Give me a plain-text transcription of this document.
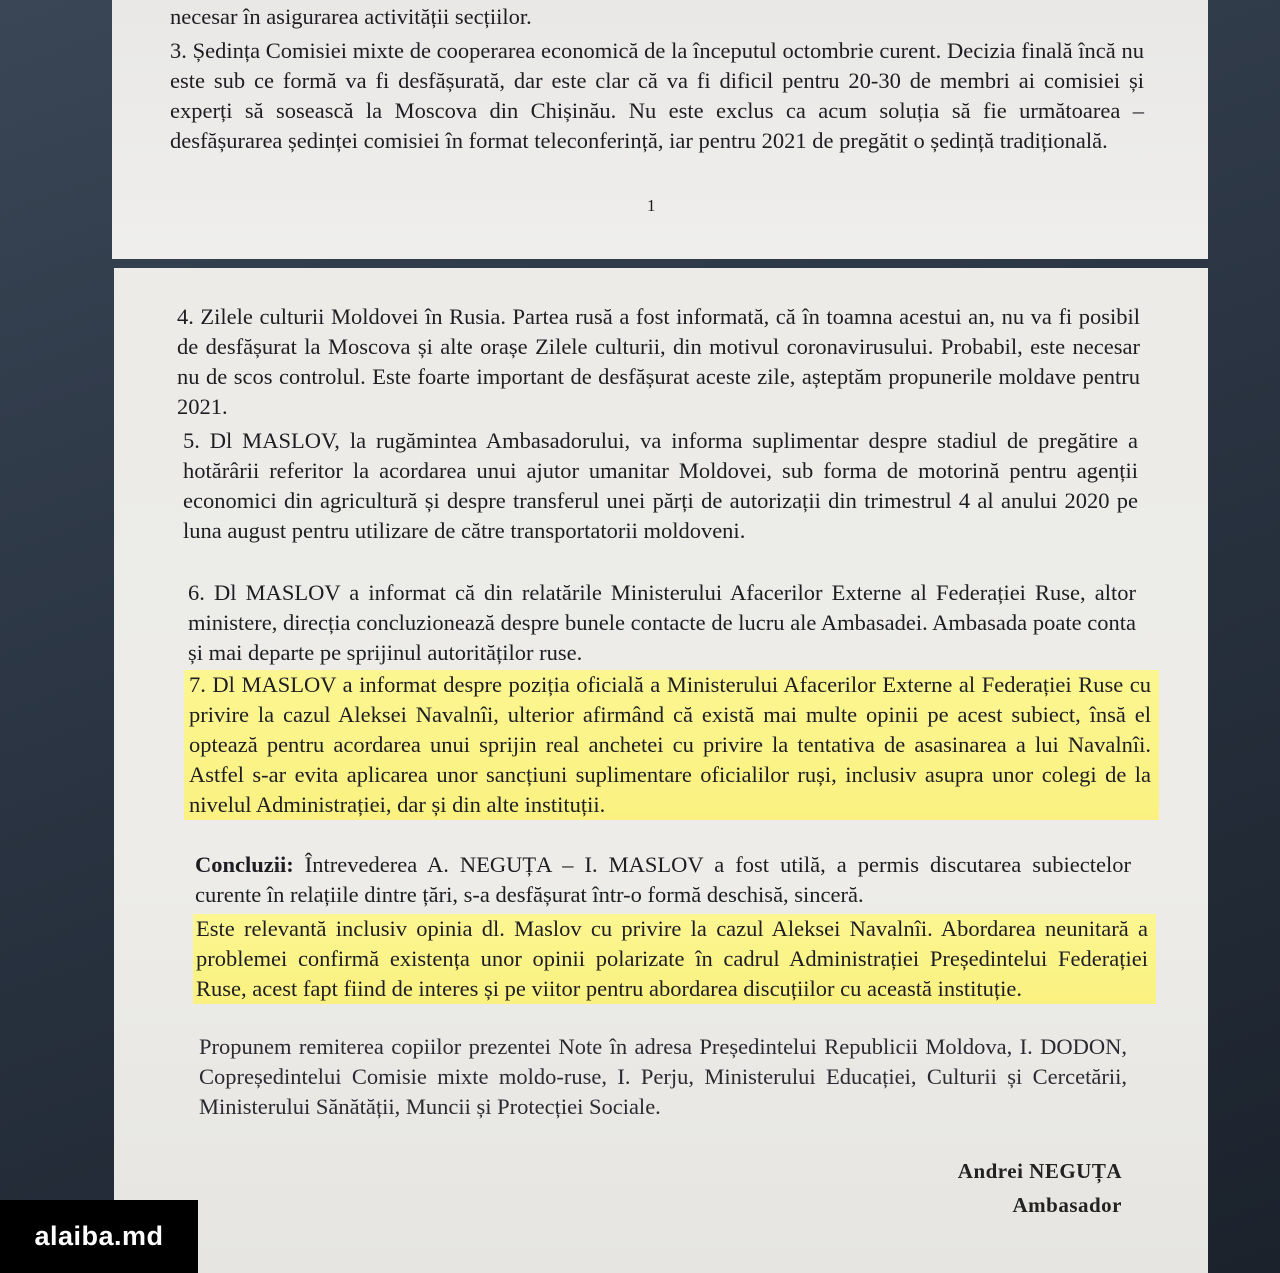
necesar în asigurarea activității secțiilor.

3. Ședința Comisiei mixte de cooperarea economică de la începutul octombrie curent. Decizia finală încă nu este sub ce formă va fi desfășurată, dar este clar că va fi dificil pentru 20-30 de membri ai comisiei și experți să sosească la Moscova din Chișinău. Nu este exclus ca acum soluția să fie următoarea – desfășurarea ședinței comisiei în format teleconferință, iar pentru 2021 de pregătit o ședință tradițională.

1

4. Zilele culturii Moldovei în Rusia. Partea rusă a fost informată, că în toamna acestui an, nu va fi posibil de desfășurat la Moscova și alte orașe Zilele culturii, din motivul coronavirusului. Probabil, este necesar nu de scos controlul. Este foarte important de desfășurat aceste zile, așteptăm propunerile moldave pentru 2021.

5. Dl MASLOV, la rugămintea Ambasadorului, va informa suplimentar despre stadiul de pregătire a hotărârii referitor la acordarea unui ajutor umanitar Moldovei, sub forma de motorină pentru agenții economici din agricultură și despre transferul unei părți de autorizații din trimestrul 4 al anului 2020 pe luna august pentru utilizare de către transportatorii moldoveni.

6. Dl MASLOV a informat că din relatările Ministerului Afacerilor Externe al Federației Ruse, altor ministere, direcția concluzionează despre bunele contacte de lucru ale Ambasadei. Ambasada poate conta și mai departe pe sprijinul autorităților ruse.

7. Dl MASLOV a informat despre poziția oficială a Ministerului Afacerilor Externe al Federației Ruse cu privire la cazul Aleksei Navalnîi, ulterior afirmând că există mai multe opinii pe acest subiect, însă el optează pentru acordarea unui sprijin real anchetei cu privire la tentativa de asasinarea a lui Navalnîi. Astfel s-ar evita aplicarea unor sancțiuni suplimentare oficialilor ruși, inclusiv asupra unor colegi de la nivelul Administrației, dar și din alte instituții.

Concluzii: Întrevederea A. NEGUȚA – I. MASLOV a fost utilă, a permis discutarea subiectelor curente în relațiile dintre țări, s-a desfășurat într-o formă deschisă, sinceră.

Este relevantă inclusiv opinia dl. Maslov cu privire la cazul Aleksei Navalnîi. Abordarea neunitară a problemei confirmă existența unor opinii polarizate în cadrul Administrației Președintelui Federației Ruse, acest fapt fiind de interes și pe viitor pentru abordarea discuțiilor cu această instituție.

Propunem remiterea copiilor prezentei Note în adresa Președintelui Republicii Moldova, I. DODON, Copreședintelui Comisie mixte moldo-ruse, I. Perju, Ministerului Educației, Culturii și Cercetării, Ministerului Sănătății, Muncii și Protecției Sociale.

Andrei NEGUȚA
Ambasador
alaiba.md
